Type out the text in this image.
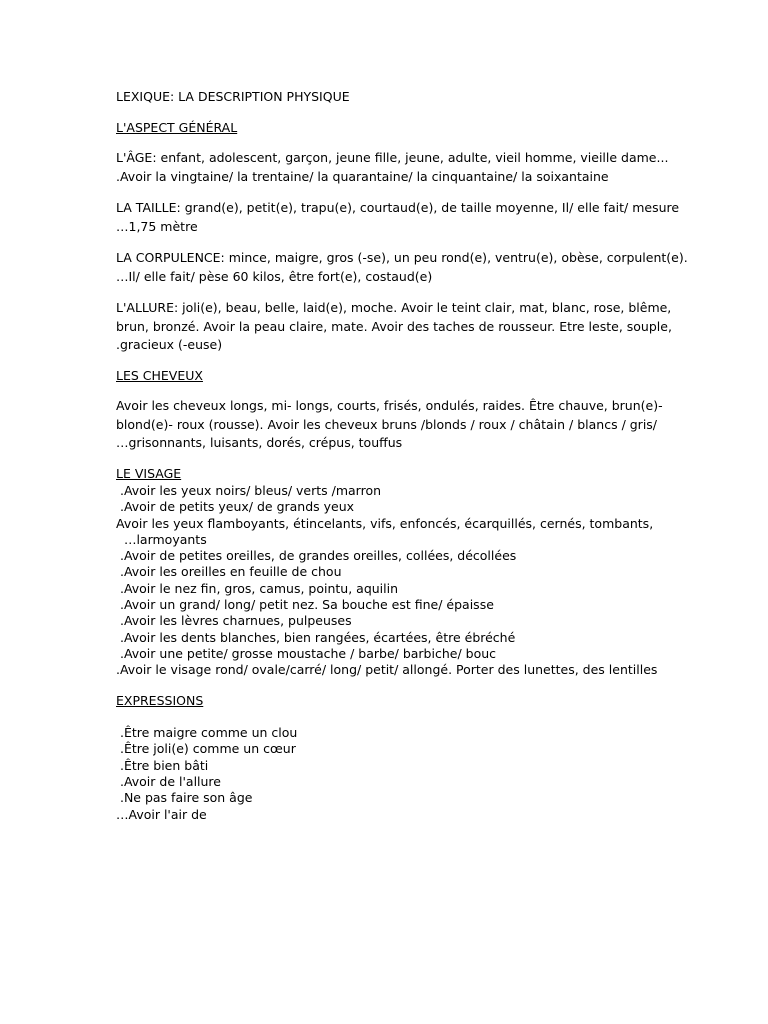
LEXIQUE: LA DESCRIPTION PHYSIQUE
L'ASPECT GÉNÉRAL
L'ÂGE: enfant, adolescent, garçon, jeune fille, jeune, adulte, vieil homme, vieille dame...
.Avoir la vingtaine/ la trentaine/ la quarantaine/ la cinquantaine/ la soixantaine
LA TAILLE: grand(e), petit(e), trapu(e), courtaud(e), de taille moyenne, Il/ elle fait/ mesure
…1,75 mètre
LA CORPULENCE: mince, maigre, gros (-se), un peu rond(e), ventru(e), obèse, corpulent(e).
…Il/ elle fait/ pèse 60 kilos, être fort(e), costaud(e)
L'ALLURE: joli(e), beau, belle, laid(e), moche. Avoir le teint clair, mat, blanc, rose, blême,
brun, bronzé. Avoir la peau claire, mate. Avoir des taches de rousseur. Etre leste, souple,
.gracieux (-euse)
LES CHEVEUX
Avoir les cheveux longs, mi- longs, courts, frisés, ondulés, raides. Être chauve, brun(e)-
blond(e)- roux (rousse). Avoir les cheveux bruns /blonds / roux / châtain / blancs / gris/
…grisonnants, luisants, dorés, crépus, touffus
LE VISAGE
.Avoir les yeux noirs/ bleus/ verts /marron
.Avoir de petits yeux/ de grands yeux
Avoir les yeux flamboyants, étincelants, vifs, enfoncés, écarquillés, cernés, tombants,
…larmoyants
.Avoir de petites oreilles, de grandes oreilles, collées, décollées
.Avoir les oreilles en feuille de chou
.Avoir le nez fin, gros, camus, pointu, aquilin
.Avoir un grand/ long/ petit nez. Sa bouche est fine/ épaisse
.Avoir les lèvres charnues, pulpeuses
.Avoir les dents blanches, bien rangées, écartées, être ébréché
.Avoir une petite/ grosse moustache / barbe/ barbiche/ bouc
.Avoir le visage rond/ ovale/carré/ long/ petit/ allongé. Porter des lunettes, des lentilles
EXPRESSIONS
.Être maigre comme un clou
.Être joli(e) comme un cœur
.Être bien bâti
.Avoir de l'allure
.Ne pas faire son âge
…Avoir l'air de
